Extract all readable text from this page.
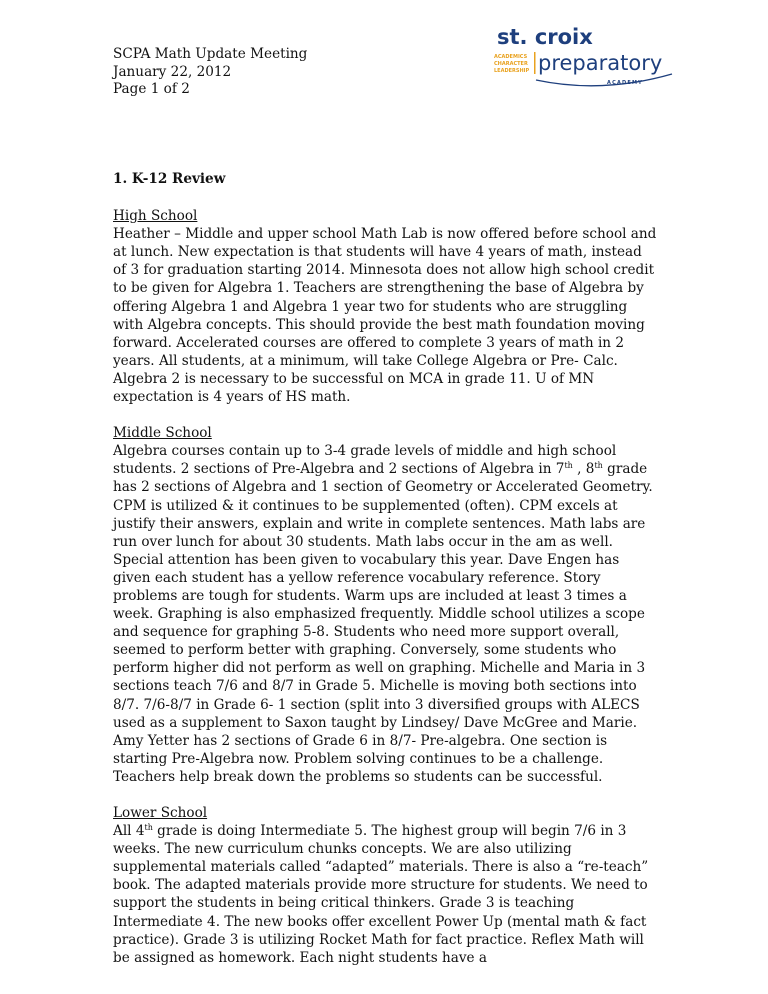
SCPA Math Update Meeting
January 22, 2012
Page 1 of 2
st. croix
ACADEMICS
CHARACTER
LEADERSHIP preparatory
ACADEMY
1. K-12 Review
High School

Heather – Middle and upper school Math Lab is now offered before school and at lunch. New expectation is that students will have 4 years of math, instead of 3 for graduation starting 2014. Minnesota does not allow high school credit to be given for Algebra 1. Teachers are strengthening the base of Algebra by offering Algebra 1 and Algebra 1 year two for students who are struggling with Algebra concepts. This should provide the best math foundation moving forward. Accelerated courses are offered to complete 3 years of math in 2 years. All students, at a minimum, will take College Algebra or Pre- Calc. Algebra 2 is necessary to be successful on MCA in grade 11. U of MN expectation is 4 years of HS math.

Middle School

Algebra courses contain up to 3-4 grade levels of middle and high school students. 2 sections of Pre-Algebra and 2 sections of Algebra in 7th , 8th grade has 2 sections of Algebra and 1 section of Geometry or Accelerated Geometry. CPM is utilized & it continues to be supplemented (often). CPM excels at justify their answers, explain and write in complete sentences. Math labs are run over lunch for about 30 students. Math labs occur in the am as well. Special attention has been given to vocabulary this year. Dave Engen has given each student has a yellow reference vocabulary reference. Story problems are tough for students. Warm ups are included at least 3 times a week. Graphing is also emphasized frequently. Middle school utilizes a scope and sequence for graphing 5-8. Students who need more support overall, seemed to perform better with graphing. Conversely, some students who perform higher did not perform as well on graphing. Michelle and Maria in 3 sections teach 7/6 and 8/7 in Grade 5. Michelle is moving both sections into 8/7. 7/6-8/7 in Grade 6- 1 section (split into 3 diversified groups with ALECS used as a supplement to Saxon taught by Lindsey/ Dave McGree and Marie. Amy Yetter has 2 sections of Grade 6 in 8/7- Pre-algebra. One section is starting Pre-Algebra now. Problem solving continues to be a challenge. Teachers help break down the problems so students can be successful.

Lower School

All 4th grade is doing Intermediate 5. The highest group will begin 7/6 in 3 weeks. The new curriculum chunks concepts. We are also utilizing supplemental materials called “adapted” materials. There is also a “re-teach” book. The adapted materials provide more structure for students. We need to support the students in being critical thinkers. Grade 3 is teaching Intermediate 4. The new books offer excellent Power Up (mental math & fact practice). Grade 3 is utilizing Rocket Math for fact practice. Reflex Math will be assigned as homework. Each night students have a
